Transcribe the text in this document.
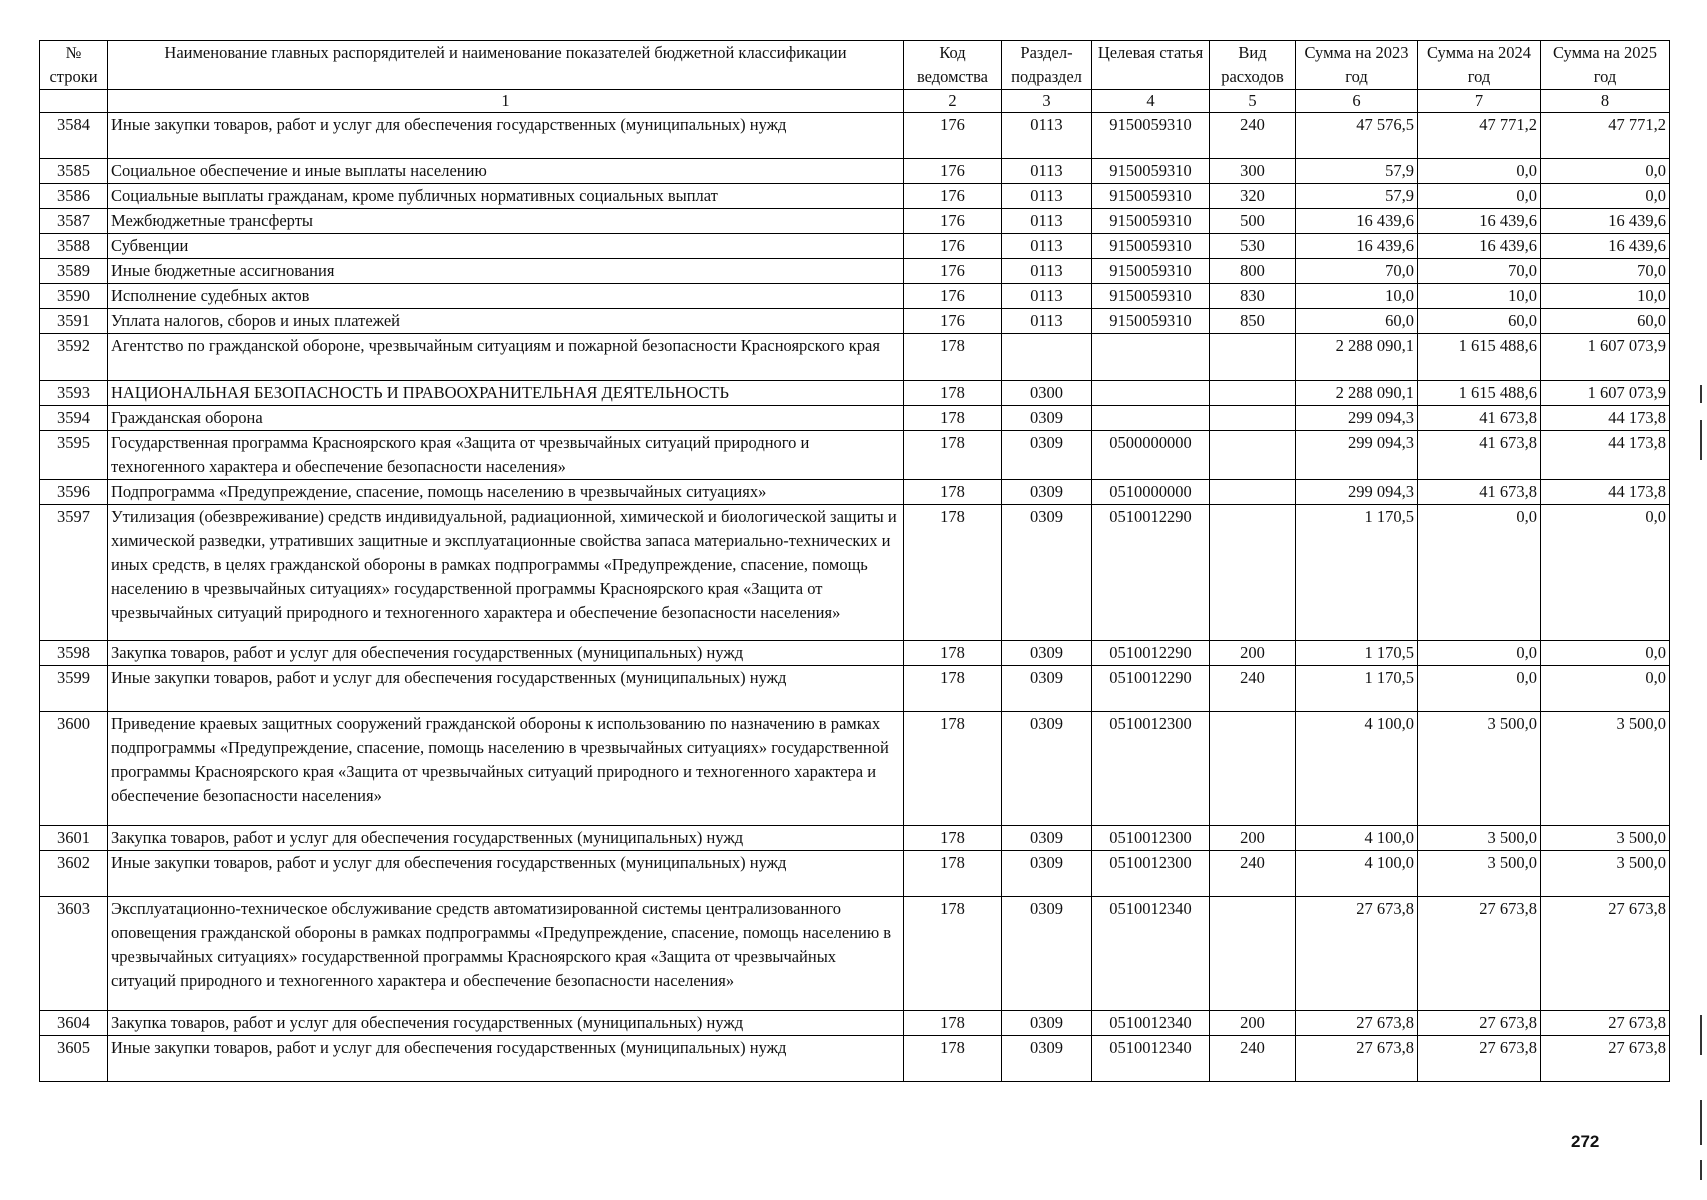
№ строки	Наименование главных распорядителей и наименование показателей бюджетной классификации	Код ведомства	Раздел-подраздел	Целевая статья	Вид расходов	Сумма на 2023 год	Сумма на 2024 год	Сумма на 2025 год
	1	2	3	4	5	6	7	8
3584	Иные закупки товаров, работ и услуг для обеспечения государственных (муниципальных) нужд	176	0113	9150059310	240	47 576,5	47 771,2	47 771,2
3585	Социальное обеспечение и иные выплаты населению	176	0113	9150059310	300	57,9	0,0	0,0
3586	Социальные выплаты гражданам, кроме публичных нормативных социальных выплат	176	0113	9150059310	320	57,9	0,0	0,0
3587	Межбюджетные трансферты	176	0113	9150059310	500	16 439,6	16 439,6	16 439,6
3588	Субвенции	176	0113	9150059310	530	16 439,6	16 439,6	16 439,6
3589	Иные бюджетные ассигнования	176	0113	9150059310	800	70,0	70,0	70,0
3590	Исполнение судебных актов	176	0113	9150059310	830	10,0	10,0	10,0
3591	Уплата налогов, сборов и иных платежей	176	0113	9150059310	850	60,0	60,0	60,0
3592	Агентство по гражданской обороне, чрезвычайным ситуациям и пожарной безопасности Красноярского края	178				2 288 090,1	1 615 488,6	1 607 073,9
3593	НАЦИОНАЛЬНАЯ БЕЗОПАСНОСТЬ И ПРАВООХРАНИТЕЛЬНАЯ ДЕЯТЕЛЬНОСТЬ	178	0300			2 288 090,1	1 615 488,6	1 607 073,9
3594	Гражданская оборона	178	0309			299 094,3	41 673,8	44 173,8
3595	Государственная программа Красноярского края «Защита от чрезвычайных ситуаций природного и техногенного характера и обеспечение безопасности населения»	178	0309	0500000000		299 094,3	41 673,8	44 173,8
3596	Подпрограмма «Предупреждение, спасение, помощь населению в чрезвычайных ситуациях»	178	0309	0510000000		299 094,3	41 673,8	44 173,8
3597	Утилизация (обезвреживание) средств индивидуальной, радиационной, химической и биологической защиты и химической разведки, утративших защитные и эксплуатационные свойства запаса материально-технических и иных средств, в целях гражданской обороны в рамках подпрограммы «Предупреждение, спасение, помощь населению в чрезвычайных ситуациях» государственной программы Красноярского края «Защита от чрезвычайных ситуаций природного и техногенного характера и обеспечение безопасности населения»	178	0309	0510012290		1 170,5	0,0	0,0
3598	Закупка товаров, работ и услуг для обеспечения государственных (муниципальных) нужд	178	0309	0510012290	200	1 170,5	0,0	0,0
3599	Иные закупки товаров, работ и услуг для обеспечения государственных (муниципальных) нужд	178	0309	0510012290	240	1 170,5	0,0	0,0
3600	Приведение краевых защитных сооружений гражданской обороны к использованию по назначению в рамках подпрограммы «Предупреждение, спасение, помощь населению в чрезвычайных ситуациях» государственной программы Красноярского края «Защита от чрезвычайных ситуаций природного и техногенного характера и обеспечение безопасности населения»	178	0309	0510012300		4 100,0	3 500,0	3 500,0
3601	Закупка товаров, работ и услуг для обеспечения государственных (муниципальных) нужд	178	0309	0510012300	200	4 100,0	3 500,0	3 500,0
3602	Иные закупки товаров, работ и услуг для обеспечения государственных (муниципальных) нужд	178	0309	0510012300	240	4 100,0	3 500,0	3 500,0
3603	Эксплуатационно-техническое обслуживание средств автоматизированной системы централизованного оповещения гражданской обороны в рамках подпрограммы «Предупреждение, спасение, помощь населению в чрезвычайных ситуациях» государственной программы Красноярского края «Защита от чрезвычайных ситуаций природного и техногенного характера и обеспечение безопасности населения»	178	0309	0510012340		27 673,8	27 673,8	27 673,8
3604	Закупка товаров, работ и услуг для обеспечения государственных (муниципальных) нужд	178	0309	0510012340	200	27 673,8	27 673,8	27 673,8
3605	Иные закупки товаров, работ и услуг для обеспечения государственных (муниципальных) нужд	178	0309	0510012340	240	27 673,8	27 673,8	27 673,8
272
